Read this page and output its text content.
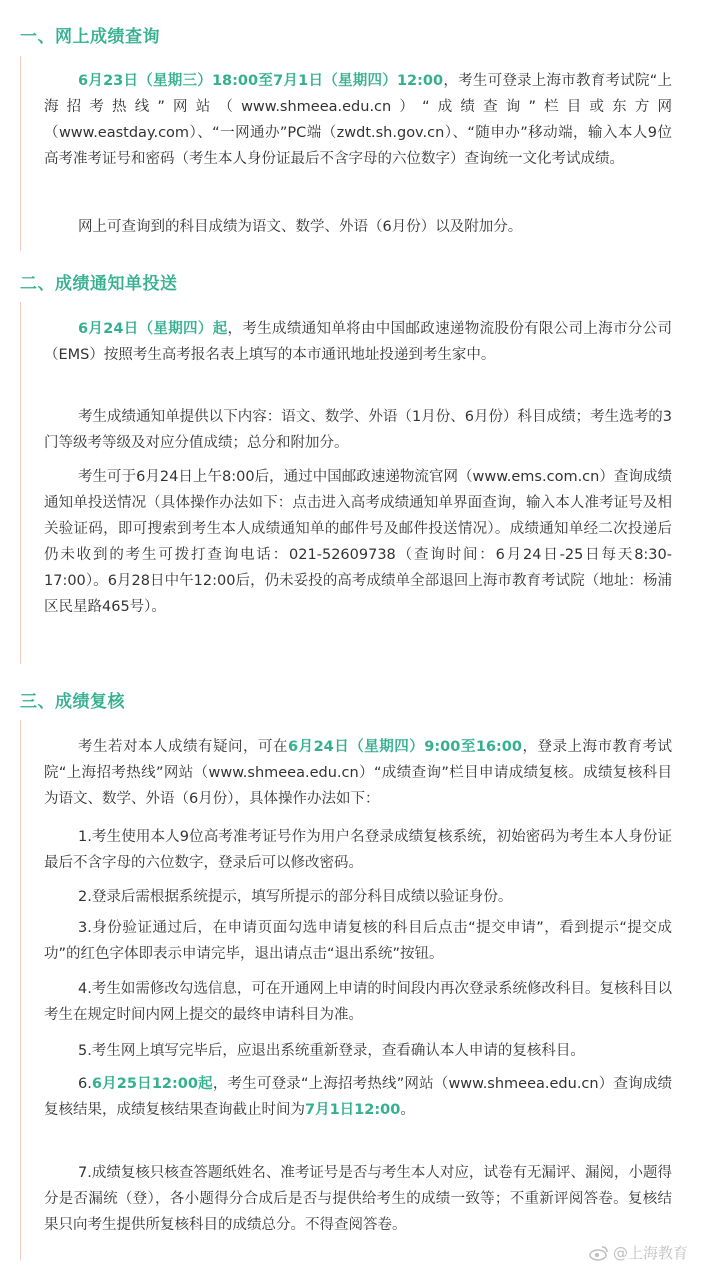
一、网上成绩查询

6月23日（星期三）18:00至7月1日（星期四）12:00，考生可登录上海市教育考试院“上海招考热线”网站（www.shmeea.edu.cn）“成绩查询”栏目或东方网（www.eastday.com）、“一网通办”PC端（zwdt.sh.gov.cn）、“随申办”移动端，输入本人9位高考准考证号和密码（考生本人身份证最后不含字母的六位数字）查询统一文化考试成绩。

网上可查询到的科目成绩为语文、数学、外语（6月份）以及附加分。

二、成绩通知单投送

6月24日（星期四）起，考生成绩通知单将由中国邮政速递物流股份有限公司上海市分公司（EMS）按照考生高考报名表上填写的本市通讯地址投递到考生家中。

考生成绩通知单提供以下内容：语文、数学、外语（1月份、6月份）科目成绩；考生选考的3门等级考等级及对应分值成绩；总分和附加分。

考生可于6月24日上午8:00后，通过中国邮政速递物流官网（www.ems.com.cn）查询成绩通知单投送情况（具体操作办法如下：点击进入高考成绩通知单界面查询，输入本人准考证号及相关验证码，即可搜索到考生本人成绩通知单的邮件号及邮件投送情况）。成绩通知单经二次投递后仍未收到的考生可拨打查询电话：021-52609738（查询时间：6月24日-25日每天8:30-17:00）。6月28日中午12:00后，仍未妥投的高考成绩单全部退回上海市教育考试院（地址：杨浦区民星路465号）。

三、成绩复核

考生若对本人成绩有疑问，可在6月24日（星期四）9:00至16:00，登录上海市教育考试院“上海招考热线”网站（www.shmeea.edu.cn）“成绩查询”栏目申请成绩复核。成绩复核科目为语文、数学、外语（6月份），具体操作办法如下：

1.考生使用本人9位高考准考证号作为用户名登录成绩复核系统，初始密码为考生本人身份证最后不含字母的六位数字，登录后可以修改密码。

2.登录后需根据系统提示，填写所提示的部分科目成绩以验证身份。

3.身份验证通过后，在申请页面勾选申请复核的科目后点击“提交申请”，看到提示“提交成功”的红色字体即表示申请完毕，退出请点击“退出系统”按钮。

4.考生如需修改勾选信息，可在开通网上申请的时间段内再次登录系统修改科目。复核科目以考生在规定时间内网上提交的最终申请科目为准。

5.考生网上填写完毕后，应退出系统重新登录，查看确认本人申请的复核科目。

6.6月25日12:00起，考生可登录“上海招考热线”网站（www.shmeea.edu.cn）查询成绩复核结果，成绩复核结果查询截止时间为7月1日12:00。

7.成绩复核只核查答题纸姓名、准考证号是否与考生本人对应，试卷有无漏评、漏阅，小题得分是否漏统（登），各小题得分合成后是否与提供给考生的成绩一致等；不重新评阅答卷。复核结果只向考生提供所复核科目的成绩总分。不得查阅答卷。

@上海教育
